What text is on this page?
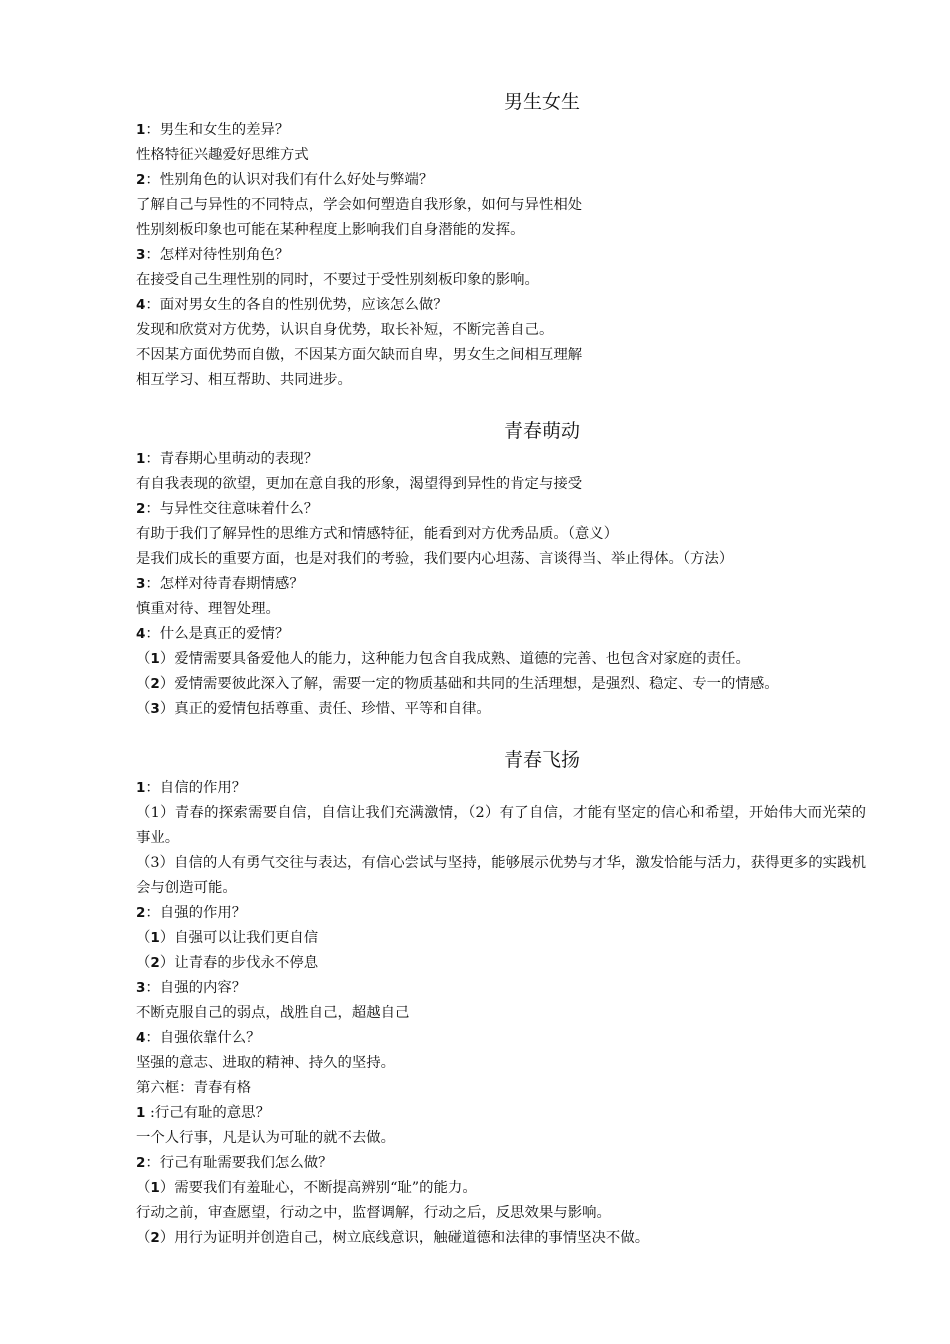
男生女生
1：男生和女生的差异？
性格特征兴趣爱好思维方式
2：性别角色的认识对我们有什么好处与弊端？
了解自己与异性的不同特点，学会如何塑造自我形象，如何与异性相处
性别刻板印象也可能在某种程度上影响我们自身潜能的发挥。
3：怎样对待性别角色？
在接受自己生理性别的同时，不要过于受性别刻板印象的影响。
4：面对男女生的各自的性别优势，应该怎么做？
发现和欣赏对方优势，认识自身优势，取长补短，不断完善自己。
不因某方面优势而自傲，不因某方面欠缺而自卑，男女生之间相互理解
相互学习、相互帮助、共同进步。
青春萌动
1：青春期心里萌动的表现？
有自我表现的欲望，更加在意自我的形象，渴望得到异性的肯定与接受
2：与异性交往意味着什么？
有助于我们了解异性的思维方式和情感特征，能看到对方优秀品质。（意义）
是我们成长的重要方面，也是对我们的考验，我们要内心坦荡、言谈得当、举止得体。（方法）
3：怎样对待青春期情感？
慎重对待、理智处理。
4：什么是真正的爱情？
（1）爱情需要具备爱他人的能力，这种能力包含自我成熟、道德的完善、也包含对家庭的责任。
（2）爱情需要彼此深入了解，需要一定的物质基础和共同的生活理想，是强烈、稳定、专一的情感。
（3）真正的爱情包括尊重、责任、珍惜、平等和自律。
青春飞扬
1：自信的作用？
（1）青春的探索需要自信，自信让我们充满激情，（2）有了自信，才能有坚定的信心和希望，开始伟大而光荣的事业。
（3）自信的人有勇气交往与表达，有信心尝试与坚持，能够展示优势与才华，激发恰能与活力，获得更多的实践机会与创造可能。
2：自强的作用？
（1）自强可以让我们更自信
（2）让青春的步伐永不停息
3：自强的内容？
不断克服自己的弱点，战胜自己，超越自己
4：自强依靠什么？
坚强的意志、进取的精神、持久的坚持。
第六框：青春有格
1 :行己有耻的意思？
一个人行事，凡是认为可耻的就不去做。
2：行己有耻需要我们怎么做？
（1）需要我们有羞耻心，不断提高辨别“耻”的能力。
行动之前，审查愿望，行动之中，监督调解，行动之后，反思效果与影响。
（2）用行为证明并创造自己，树立底线意识，触碰道德和法律的事情坚决不做。
